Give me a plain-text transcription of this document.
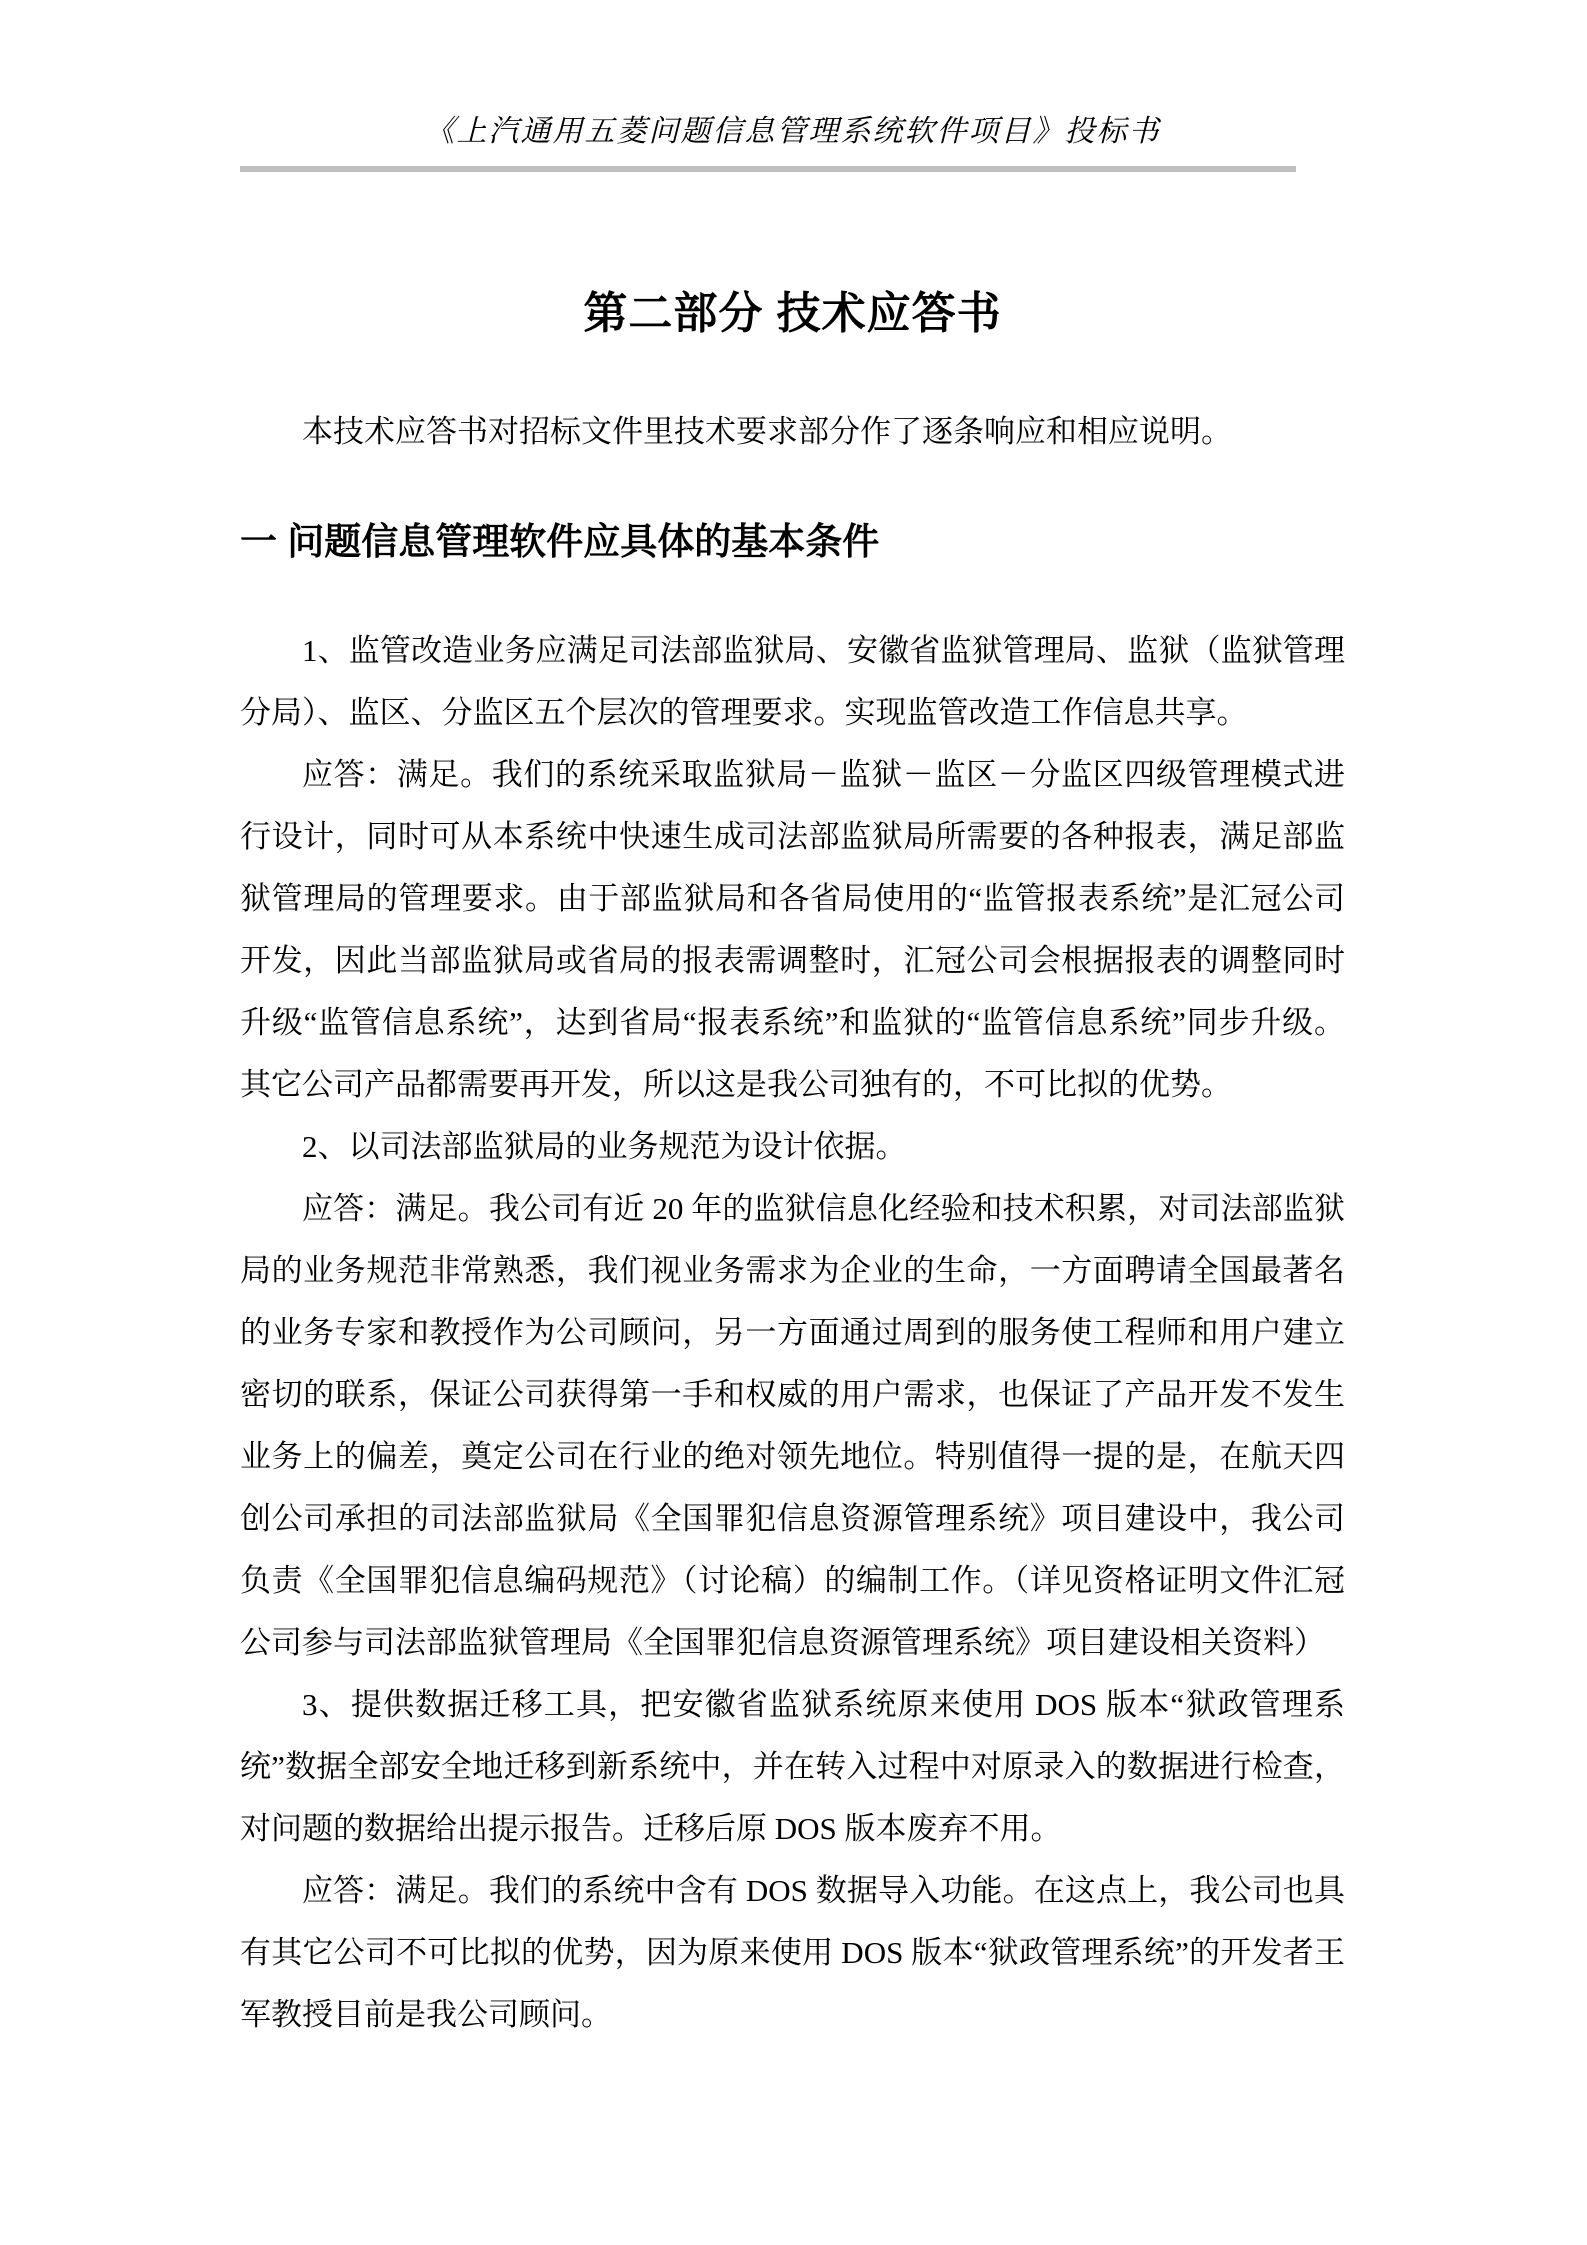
《上汽通用五菱问题信息管理系统软件项目》投标书
第二部分 技术应答书

本技术应答书对招标文件里技术要求部分作了逐条响应和相应说明。

一 问题信息管理软件应具体的基本条件

1、监管改造业务应满足司法部监狱局、安徽省监狱管理局、监狱（监狱管理分局）、监区、分监区五个层次的管理要求。实现监管改造工作信息共享。

应答：满足。我们的系统采取监狱局－监狱－监区－分监区四级管理模式进行设计，同时可从本系统中快速生成司法部监狱局所需要的各种报表，满足部监狱管理局的管理要求。由于部监狱局和各省局使用的“监管报表系统”是汇冠公司开发，因此当部监狱局或省局的报表需调整时，汇冠公司会根据报表的调整同时升级“监管信息系统”，达到省局“报表系统”和监狱的“监管信息系统”同步升级。其它公司产品都需要再开发，所以这是我公司独有的，不可比拟的优势。

2、以司法部监狱局的业务规范为设计依据。

应答：满足。我公司有近 20 年的监狱信息化经验和技术积累，对司法部监狱局的业务规范非常熟悉，我们视业务需求为企业的生命，一方面聘请全国最著名的业务专家和教授作为公司顾问，另一方面通过周到的服务使工程师和用户建立密切的联系，保证公司获得第一手和权威的用户需求，也保证了产品开发不发生业务上的偏差，奠定公司在行业的绝对领先地位。特别值得一提的是，在航天四创公司承担的司法部监狱局《全国罪犯信息资源管理系统》项目建设中，我公司负责《全国罪犯信息编码规范》（讨论稿）的编制工作。（详见资格证明文件汇冠公司参与司法部监狱管理局《全国罪犯信息资源管理系统》项目建设相关资料）

3、提供数据迁移工具，把安徽省监狱系统原来使用 DOS 版本“狱政管理系统”数据全部安全地迁移到新系统中，并在转入过程中对原录入的数据进行检查，对问题的数据给出提示报告。迁移后原 DOS 版本废弃不用。

应答：满足。我们的系统中含有 DOS 数据导入功能。在这点上，我公司也具有其它公司不可比拟的优势，因为原来使用 DOS 版本“狱政管理系统”的开发者王军教授目前是我公司顾问。
